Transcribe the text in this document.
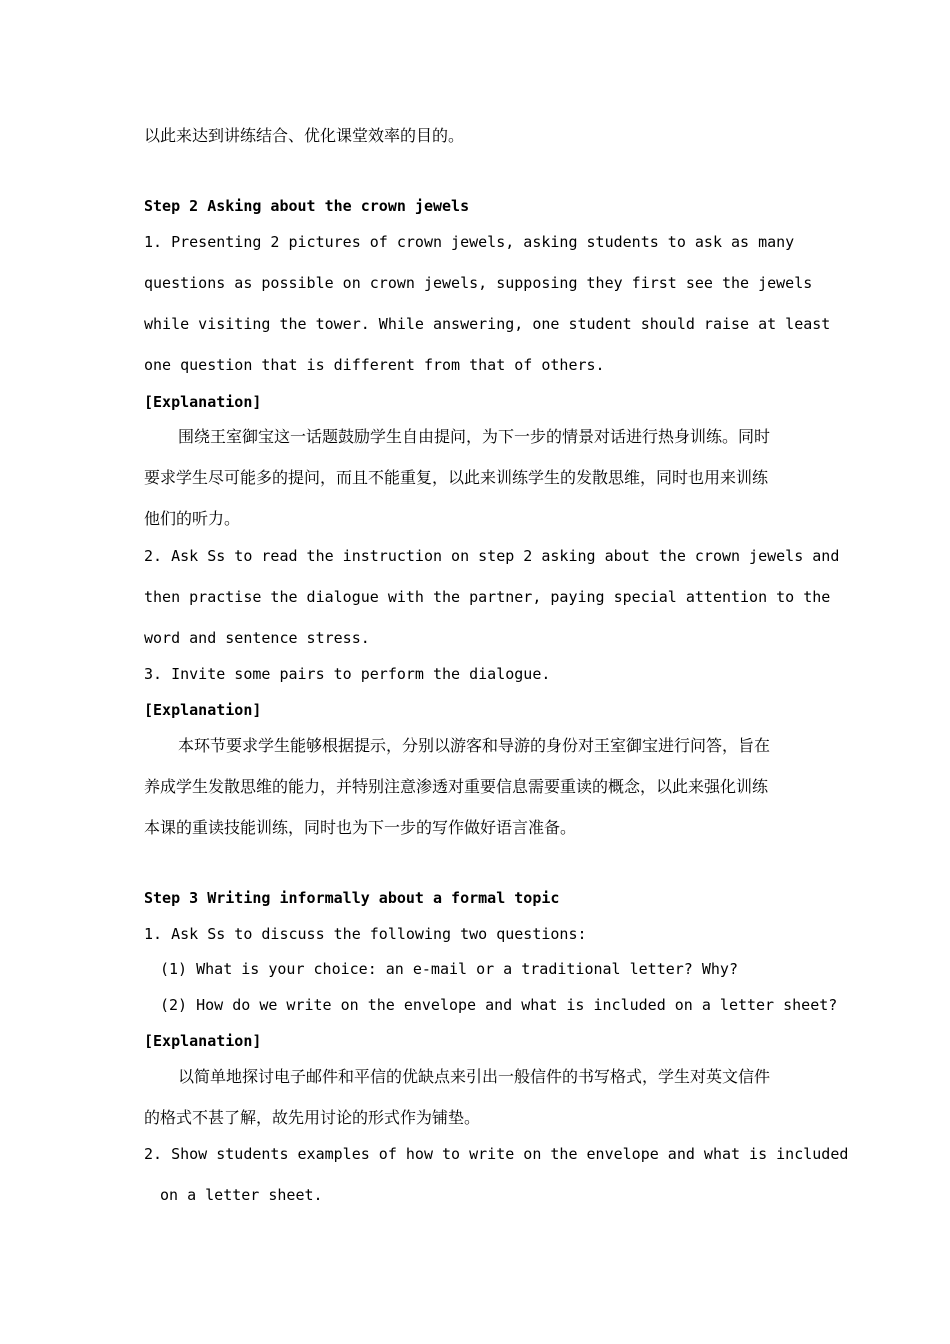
以此来达到讲练结合、优化课堂效率的目的。
Step 2 Asking about the crown jewels
1. Presenting 2 pictures of crown jewels, asking students to ask as many
questions as possible on crown jewels, supposing they first see the jewels
while visiting the tower. While answering, one student should raise at least
one question that is different from that of others.
[Explanation]
围绕王室御宝这一话题鼓励学生自由提问，为下一步的情景对话进行热身训练。同时
要求学生尽可能多的提问，而且不能重复，以此来训练学生的发散思维，同时也用来训练
他们的听力。
2. Ask Ss to read the instruction on step 2 asking about the crown jewels and
then practise the dialogue with the partner, paying special attention to the
word and sentence stress.
3. Invite some pairs to perform the dialogue.
[Explanation]
本环节要求学生能够根据提示，分别以游客和导游的身份对王室御宝进行问答，旨在
养成学生发散思维的能力，并特别注意渗透对重要信息需要重读的概念，以此来强化训练
本课的重读技能训练，同时也为下一步的写作做好语言准备。
Step 3 Writing informally about a formal topic
1. Ask Ss to discuss the following two questions:
(1) What is your choice: an e-mail or a traditional letter? Why?
(2) How do we write on the envelope and what is included on a letter sheet?
[Explanation]
以简单地探讨电子邮件和平信的优缺点来引出一般信件的书写格式，学生对英文信件
的格式不甚了解，故先用讨论的形式作为铺垫。
2. Show students examples of how to write on the envelope and what is included
on a letter sheet.
